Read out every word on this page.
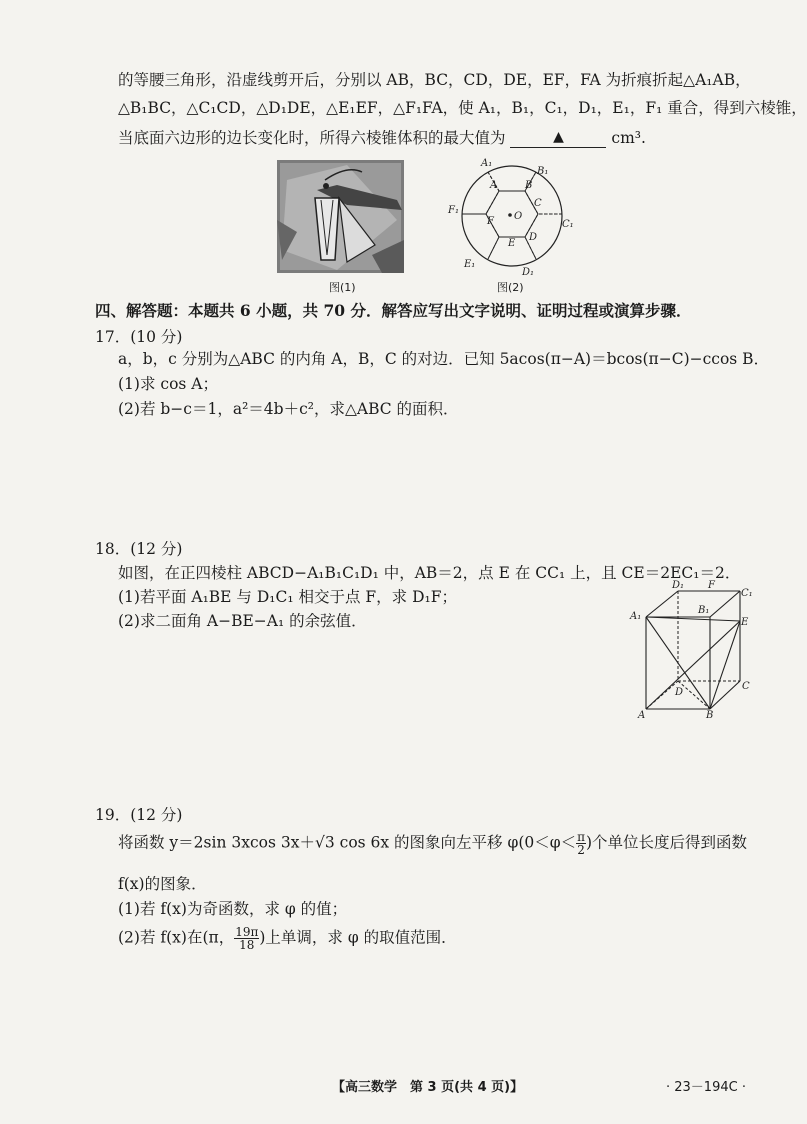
的等腰三角形，沿虚线剪开后，分别以 AB，BC，CD，DE，EF，FA 为折痕折起△A₁AB，
△B₁BC，△C₁CD，△D₁DE，△E₁EF，△F₁FA，使 A₁，B₁，C₁，D₁，E₁，F₁ 重合，得到六棱锥，
当底面六边形的边长变化时，所得六棱锥体积的最大值为	▲	cm³.
图(1)
A₁
B₁
C₁
D₁
E₁
F₁
A	B
C
D
E
F O
图(2)
四、解答题：本题共 6 小题，共 70 分．解答应写出文字说明、证明过程或演算步骤．
17．(10 分)
a，b，c 分别为△ABC 的内角 A，B，C 的对边．已知 5acos(π−A)＝bcos(π−C)−ccos B．
(1)求 cos A；
(2)若 b−c＝1，a²＝4b＋c²，求△ABC 的面积．
18．(12 分)
如图，在正四棱柱 ABCD−A₁B₁C₁D₁ 中，AB＝2，点 E 在 CC₁ 上，且 CE＝2EC₁＝2．
(1)若平面 A₁BE 与 D₁C₁ 相交于点 F，求 D₁F；
(2)求二面角 A−BE−A₁ 的余弦值．
D₁ F
C₁
A₁
B₁
E
D
C
A	B
19．(12 分)
将函数 y＝2sin 3xcos 3x＋√3 cos 6x 的图象向左平移 $\varphi(0<\varphi< \frac{\pi}{2}$ )个单位长度后得到函数
f(x)的图象．
(1)若 f(x)为奇函数，求 φ 的值；
(2)若 f(x)在(π， $\frac{19\pi}{18}$ )上单调，求 φ 的取值范围．
【高三数学　第 3 页(共 4 页)】	· 23－194C ·
